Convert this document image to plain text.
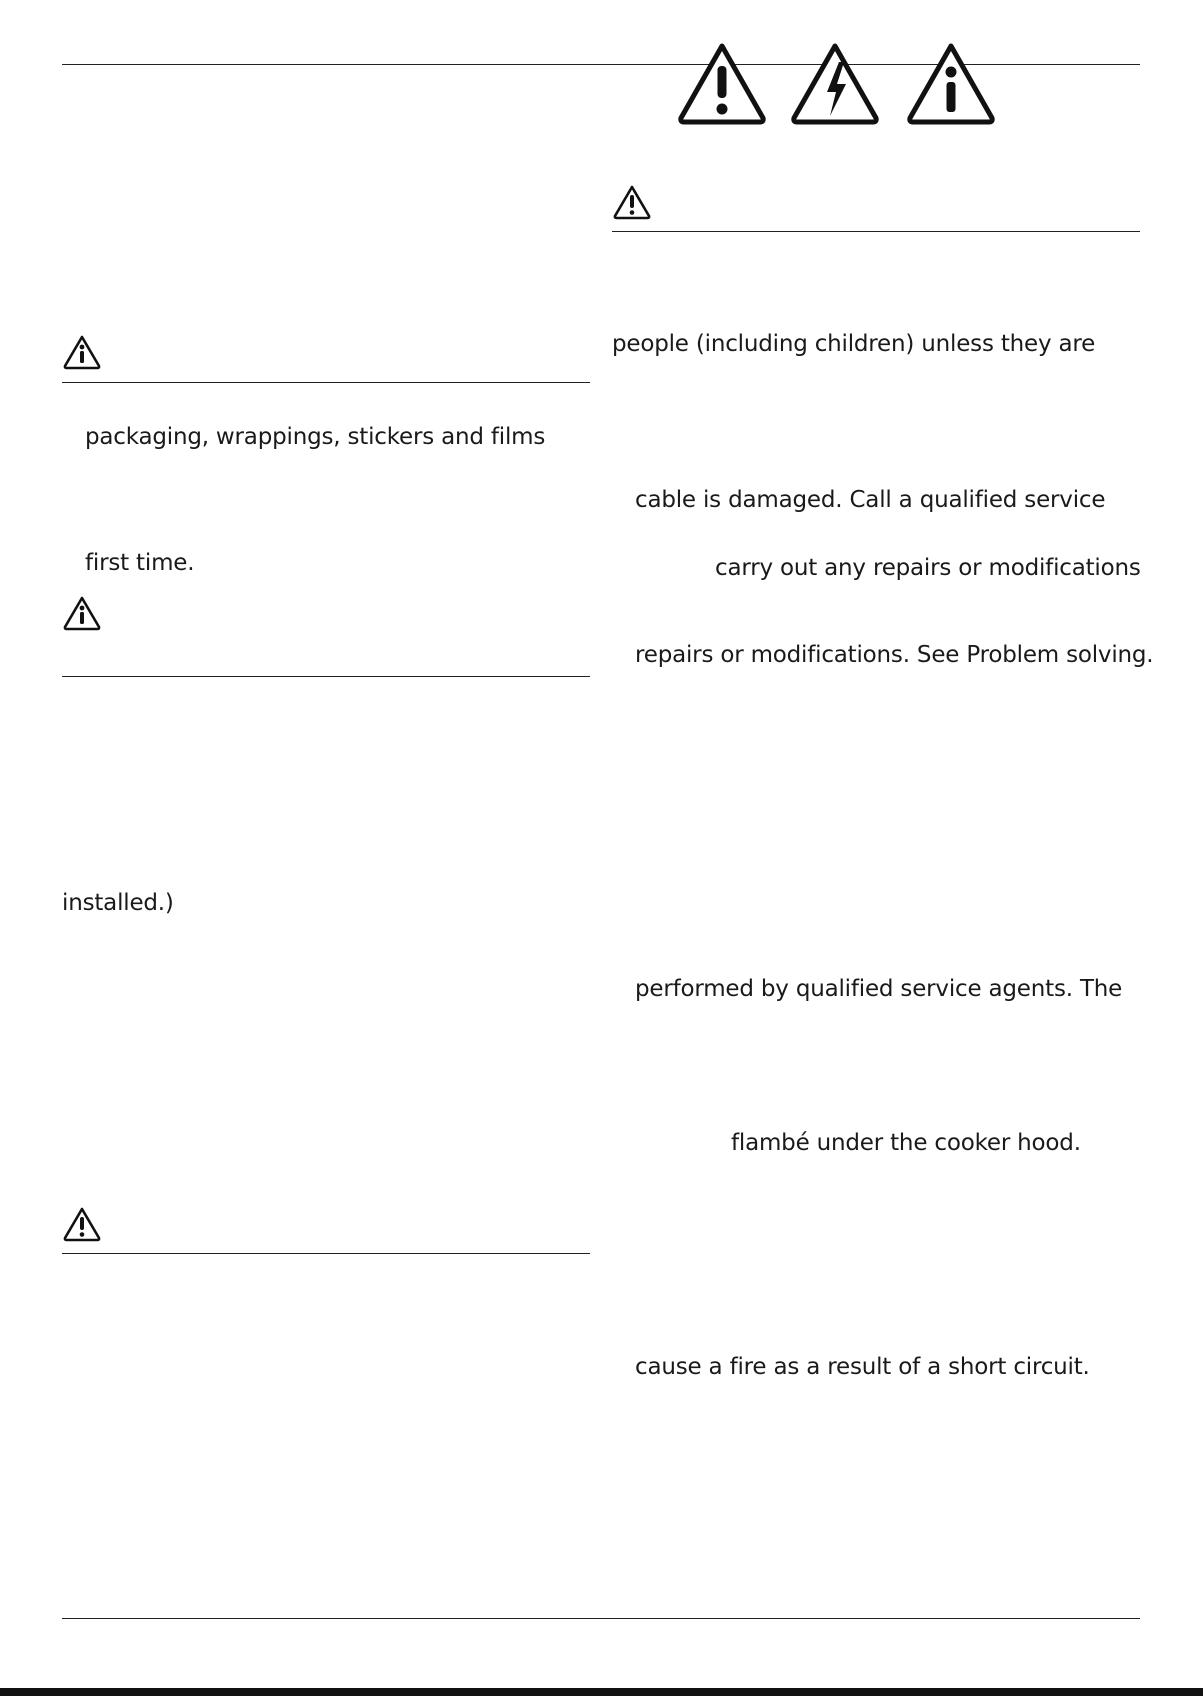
packaging, wrappings, stickers and films
first time.
installed.)
people (including children) unless they are
cable is damaged. Call a qualified service
carry out any repairs or modifications
repairs or modifications. See Problem solving.
performed by qualified service agents. The
flambé under the cooker hood.
cause a fire as a result of a short circuit.
